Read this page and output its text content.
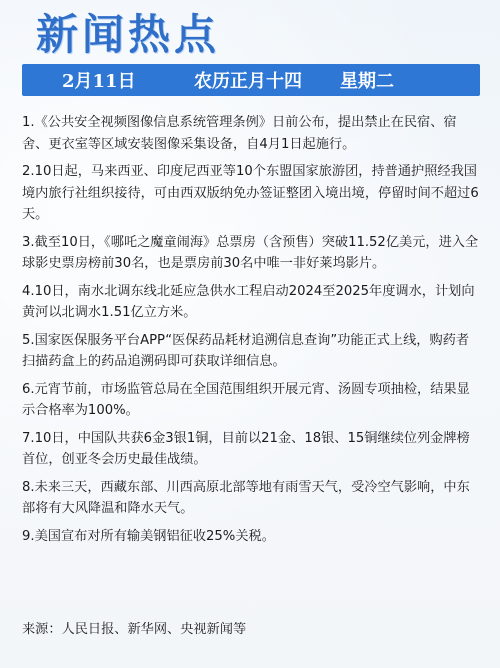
新闻热点
2月11日	农历正月十四 星期二

1.《公共安全视频图像信息系统管理条例》日前公布，提出禁止在民宿、宿舍、更衣室等区域安装图像采集设备，自4月1日起施行。

2.10日起，马来西亚、印度尼西亚等10个东盟国家旅游团，持普通护照经我国境内旅行社组织接待，可由西双版纳免办签证整团入境出境，停留时间不超过6天。

3.截至10日，《哪吒之魔童闹海》总票房（含预售）突破11.52亿美元，进入全球影史票房榜前30名，也是票房前30名中唯一非好莱坞影片。

4.10日，南水北调东线北延应急供水工程启动2024至2025年度调水，计划向黄河以北调水1.51亿立方米。

5.国家医保服务平台APP“医保药品耗材追溯信息查询”功能正式上线，购药者扫描药盒上的药品追溯码即可获取详细信息。

6.元宵节前，市场监管总局在全国范围组织开展元宵、汤圆专项抽检，结果显示合格率为100%。

7.10日，中国队共获6金3银1铜，目前以21金、18银、15铜继续位列金牌榜首位，创亚冬会历史最佳战绩。

8.未来三天，西藏东部、川西高原北部等地有雨雪天气，受冷空气影响，中东部将有大风降温和降水天气。

9.美国宣布对所有输美钢铝征收25%关税。

来源：人民日报、新华网、央视新闻等
